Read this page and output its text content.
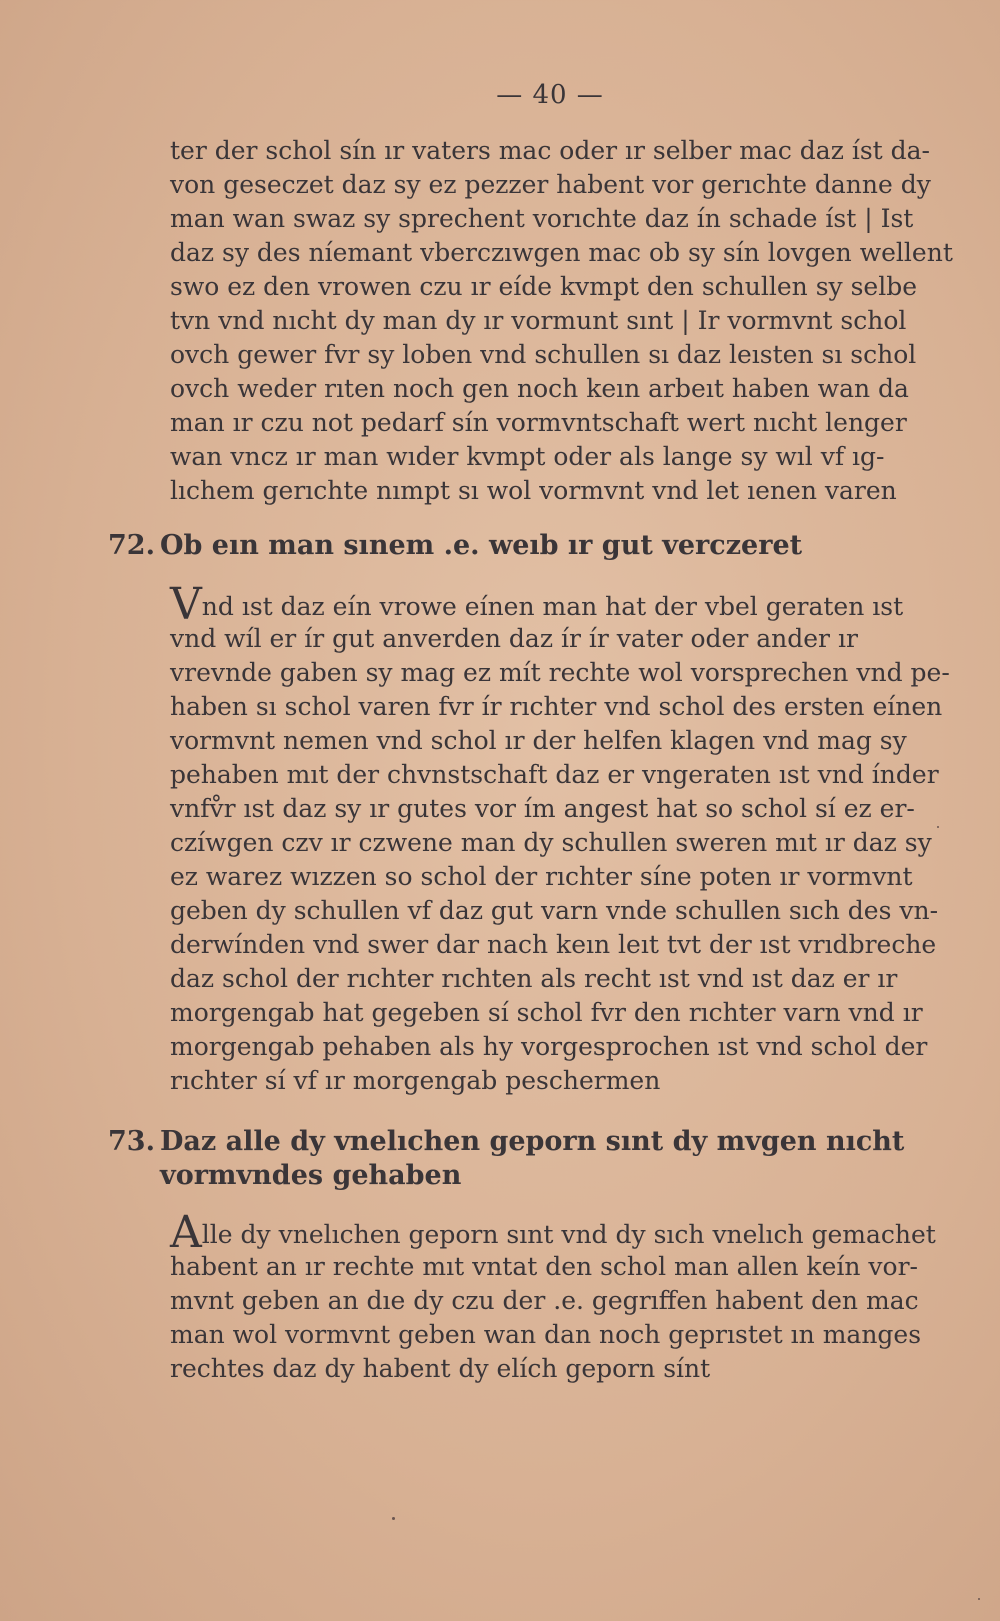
— 40 —
ter der schol sín ır vaters mac oder ır selber mac daz íst da-
von geseczet daz sy ez pezzer habent vor gerıchte danne dy
man wan swaz sy sprechent vorıchte daz ín schade íst | Ist
daz sy des níemant vberczıwgen mac ob sy sín lovgen wellent
swo ez den vrowen czu ır eíde kvmpt den schullen sy selbe
tvn vnd nıcht dy man dy ır vormunt sınt | Ir vormvnt schol
ovch gewer fvr sy loben vnd schullen sı daz leısten sı schol
ovch weder rıten noch gen noch keın arbeıt haben wan da
man ır czu not pedarf sín vormvntschaft wert nıcht lenger
wan vncz ır man wıder kvmpt oder als lange sy wıl vf ıg-
lıchem gerıchte nımpt sı wol vormvnt vnd let ıenen varen
72. Ob eın man sınem .e. weıb ır gut verczeret
Vnd ıst daz eín vrowe eínen man hat der vbel geraten ıst
vnd wíl er ír gut anverden daz ír ír vater oder ander ır
vrevnde gaben sy mag ez mít rechte wol vorsprechen vnd pe-
haben sı schol varen fvr ír rıchter vnd schol des ersten eínen
vormvnt nemen vnd schol ır der helfen klagen vnd mag sy
pehaben mıt der chvnstschaft daz er vngeraten ıst vnd índer
vnfv̊r ıst daz sy ır gutes vor ím angest hat so schol sí ez er-
czíwgen czv ır czwene man dy schullen sweren mıt ır daz sy
ez warez wızzen so schol der rıchter síne poten ır vormvnt
geben dy schullen vf daz gut varn vnde schullen sıch des vn-
derwínden vnd swer dar nach keın leıt tvt der ıst vrıdbreche
daz schol der rıchter rıchten als recht ıst vnd ıst daz er ır
morgengab hat gegeben sí schol fvr den rıchter varn vnd ır
morgengab pehaben als hy vorgesprochen ıst vnd schol der
rıchter sí vf ır morgengab peschermen
73. Daz alle dy vnelıchen geporn sınt dy mvgen nıcht
vormvndes gehaben
Alle dy vnelıchen geporn sınt vnd dy sıch vnelıch gemachet
habent an ır rechte mıt vntat den schol man allen keín vor-
mvnt geben an dıe dy czu der .e. gegrıffen habent den mac
man wol vormvnt geben wan dan noch geprıstet ın manges
rechtes daz dy habent dy elích geporn sínt
